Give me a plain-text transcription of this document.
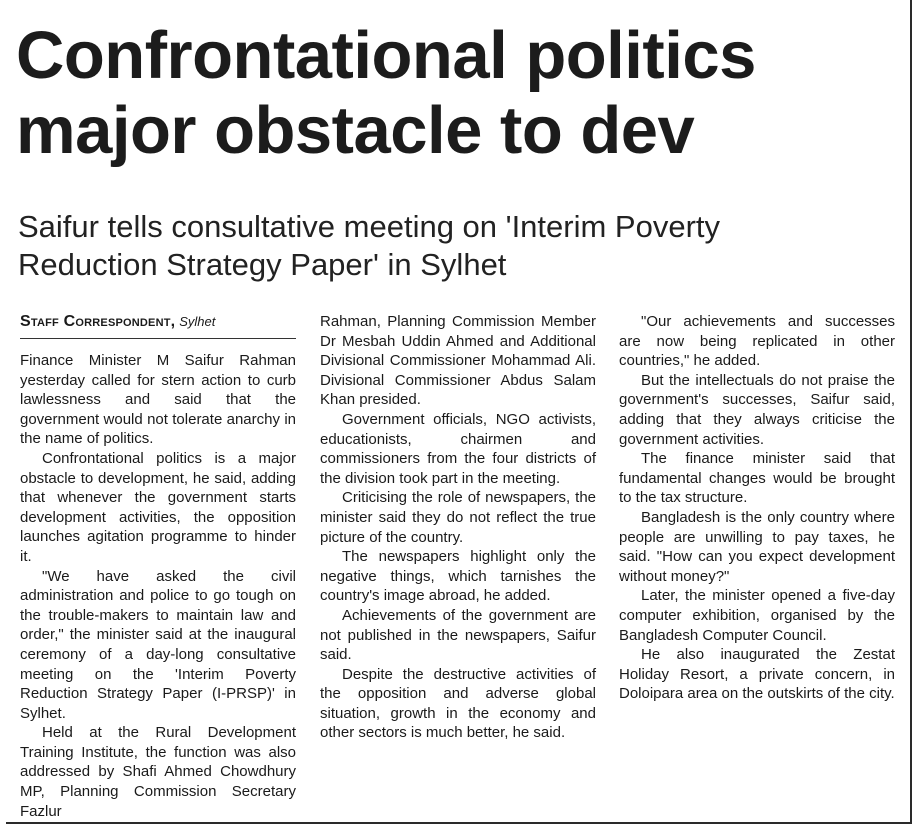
Confrontational politics
major obstacle to dev
Saifur tells consultative meeting on 'Interim Poverty
Reduction Strategy Paper' in Sylhet
Staff Correspondent, Sylhet

Finance Minister M Saifur Rahman yesterday called for stern action to curb lawlessness and said that the government would not tolerate anarchy in the name of politics.

Confrontational politics is a major obstacle to development, he said, adding that whenever the government starts development activities, the opposition launches agitation programme to hinder it.

"We have asked the civil administration and police to go tough on the trouble-makers to maintain law and order," the minister said at the inaugural ceremony of a day-long consultative meeting on the 'Interim Poverty Reduction Strategy Paper (I-PRSP)' in Sylhet.

Held at the Rural Development Training Institute, the function was also addressed by Shafi Ahmed Chowdhury MP, Planning Commission Secretary Fazlur

Rahman, Planning Commission Member Dr Mesbah Uddin Ahmed and Additional Divisional Commissioner Mohammad Ali. Divisional Commissioner Abdus Salam Khan presided.

Government officials, NGO activists, educationists, chairmen and commissioners from the four districts of the division took part in the meeting.

Criticising the role of newspapers, the minister said they do not reflect the true picture of the country.

The newspapers highlight only the negative things, which tarnishes the country's image abroad, he added.

Achievements of the government are not published in the newspapers, Saifur said.

Despite the destructive activities of the opposition and adverse global situation, growth in the economy and other sectors is much better, he said.

"Our achievements and successes are now being replicated in other countries," he added.

But the intellectuals do not praise the government's successes, Saifur said, adding that they always criticise the government activities.

The finance minister said that fundamental changes would be brought to the tax structure.

Bangladesh is the only country where people are unwilling to pay taxes, he said. "How can you expect development without money?"

Later, the minister opened a five-day computer exhibition, organised by the Bangladesh Computer Council.

He also inaugurated the Zestat Holiday Resort, a private concern, in Doloipara area on the outskirts of the city.
